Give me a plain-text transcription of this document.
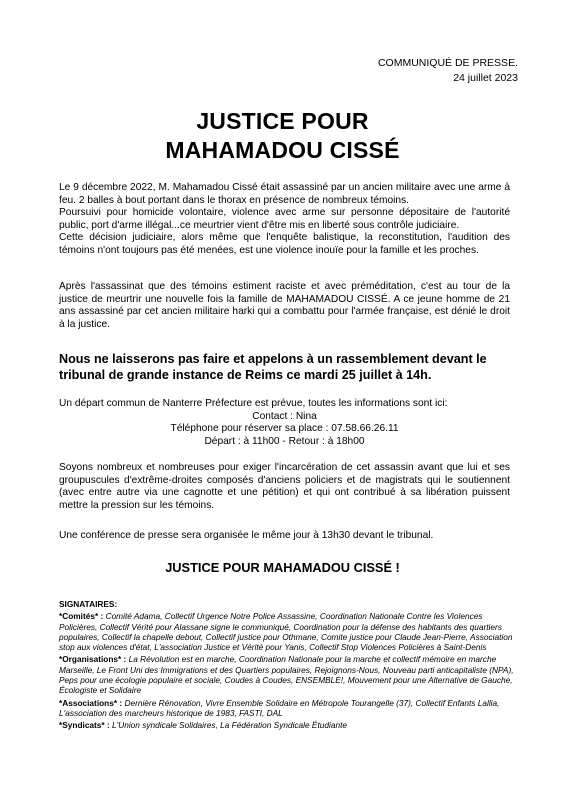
COMMUNIQUÉ DE PRESSE.
24 juillet 2023
JUSTICE POUR
MAHAMADOU CISSÉ
Le 9 décembre 2022, M. Mahamadou Cissé était assassiné par un ancien militaire avec une arme à feu. 2 balles à bout portant dans le thorax en présence de nombreux témoins.
Poursuivi pour homicide volontaire, violence avec arme sur personne dépositaire de l'autorité public, port d'arme illégal...ce meurtrier vient d'être mis en liberté sous contrôle judiciaire.
Cette décision judiciaire, alors même que l'enquête balistique, la reconstitution, l'audition des témoins n'ont toujours pas été menées, est une violence inouïe pour la famille et les proches.
Après l'assassinat que des témoins estiment raciste et avec préméditation, c'est au tour de la justice de meurtrir une nouvelle fois la famille de MAHAMADOU CISSÉ. A ce jeune homme de 21 ans assassiné par cet ancien militaire harki qui a combattu pour l'armée française, est dénié le droit à la justice.
Nous ne laisserons pas faire et appelons à un rassemblement devant le tribunal de grande instance de Reims ce mardi 25 juillet à 14h.
Un départ commun de Nanterre Préfecture est prévue, toutes les informations sont ici:
Contact : Nina
Téléphone pour réserver sa place : 07.58.66.26.11
Départ : à 11h00 - Retour : à 18h00
Soyons nombreux et nombreuses pour exiger l'incarcération de cet assassin avant que lui et ses groupuscules d'extrême-droites composés d'anciens policiers et de magistrats qui le soutiennent (avec entre autre via une cagnotte et une pétition) et qui ont contribué à sa libération puissent mettre la pression sur les témoins.
Une conférence de presse sera organisée le même jour à 13h30 devant le tribunal.
JUSTICE POUR MAHAMADOU CISSÉ !
SIGNATAIRES:
*Comités* : Comité Adama, Collectif Urgence Notre Police Assassine, Coordination Nationale Contre les Violences Policières, Collectif Vérité pour Alassane signe le communiqué, Coordination pour la défense des habitants des quartiers populaires, Collectif la chapelle debout, Collectif justice pour Othmane, Comite justice pour Claude Jean-Pierre, Association stop aux violences d'état, L'association Justice et Vérité pour Yanis, Collectif Stop Violences Policières à Saint-Denis
*Organisations* : La Révolution est en marche, Coordination Nationale pour la marche et collectif mémoire en marche Marseille, Le Front Uni des Immigrations et des Quartiers populaires, Rejoignons-Nous, Nouveau parti anticapitaliste (NPA), Peps pour une écologie populaire et sociale, Coudes à Coudes, ENSEMBLE!, Mouvement pour une Alternative de Gauche, Écologiste et Solidaire
*Associations* : Dernière Rénovation, Vivre Ensemble Solidaire en Métropole Tourangelle (37), Collectif Enfants Lallia, L'association des marcheurs historique de 1983, FASTI, DAL
*Syndicats* : L'Union syndicale Solidaires, La Fédération Syndicale Étudiante
